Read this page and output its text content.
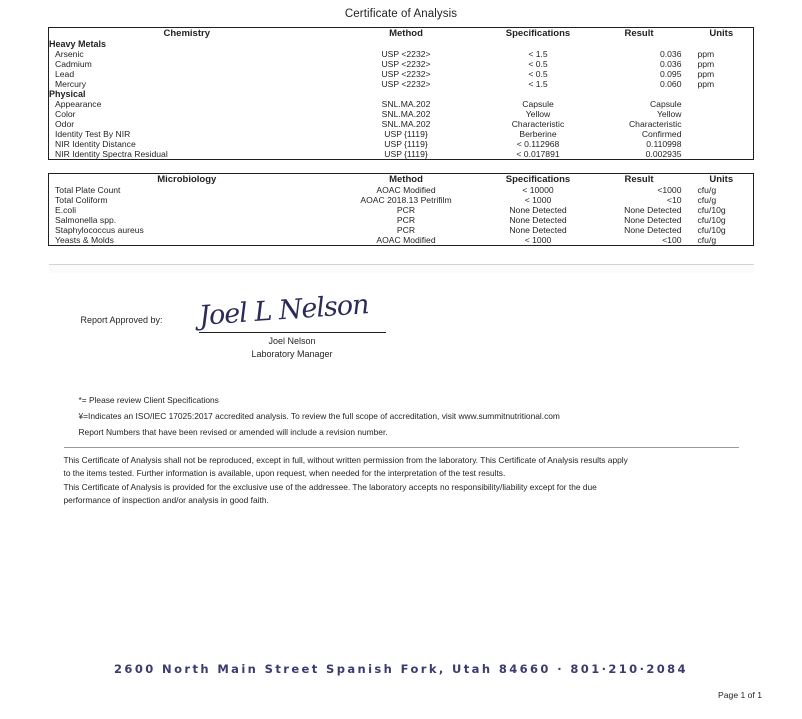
Certificate of Analysis
Chemistry	Method	Specifications	Result	Units
Heavy Metals				
Arsenic	USP <2232>	< 1.5	0.036	ppm
Cadmium	USP <2232>	< 0.5	0.036	ppm
Lead	USP <2232>	< 0.5	0.095	ppm
Mercury	USP <2232>	< 1.5	0.060	ppm
Physical				
Appearance	SNL.MA.202	Capsule	Capsule	
Color	SNL.MA.202	Yellow	Yellow	
Odor	SNL.MA.202	Characteristic	Characteristic	
Identity Test By NIR	USP {1119}	Berberine	Confirmed	
NIR Identity Distance	USP {1119}	< 0.112968	0.110998	
NIR Identity Spectra Residual	USP {1119}	< 0.017891	0.002935	
Microbiology	Method	Specifications	Result	Units
Total Plate Count	AOAC Modified	< 10000	<1000	cfu/g
Total Coliform	AOAC 2018.13 Petrifilm	< 1000	<10	cfu/g
E.coli	PCR	None Detected	None Detected	cfu/10g
Salmonella spp.	PCR	None Detected	None Detected	cfu/10g
Staphylococcus aureus	PCR	None Detected	None Detected	cfu/10g
Yeasts & Molds	AOAC Modified	< 1000	<100	cfu/g
Report Approved by: Joel L Nelson
Joel Nelson
Laboratory Manager

*= Please review Client Specifications

¥=Indicates an ISO/IEC 17025:2017 accredited analysis. To review the full scope of accreditation, visit www.summitnutritional.com

Report Numbers that have been revised or amended will include a revision number.

This Certificate of Analysis shall not be reproduced, except in full, without written permission from the laboratory. This Certificate of Analysis results apply

to the items tested. Further information is available, upon request, when needed for the interpretation of the test results.

This Certificate of Analysis is provided for the exclusive use of the addressee. The laboratory accepts no responsibility/liability except for the due

performance of inspection and/or analysis in good faith.

2600 North Main Street Spanish Fork, Utah 84660 · 801·210·2084
Page 1 of 1
